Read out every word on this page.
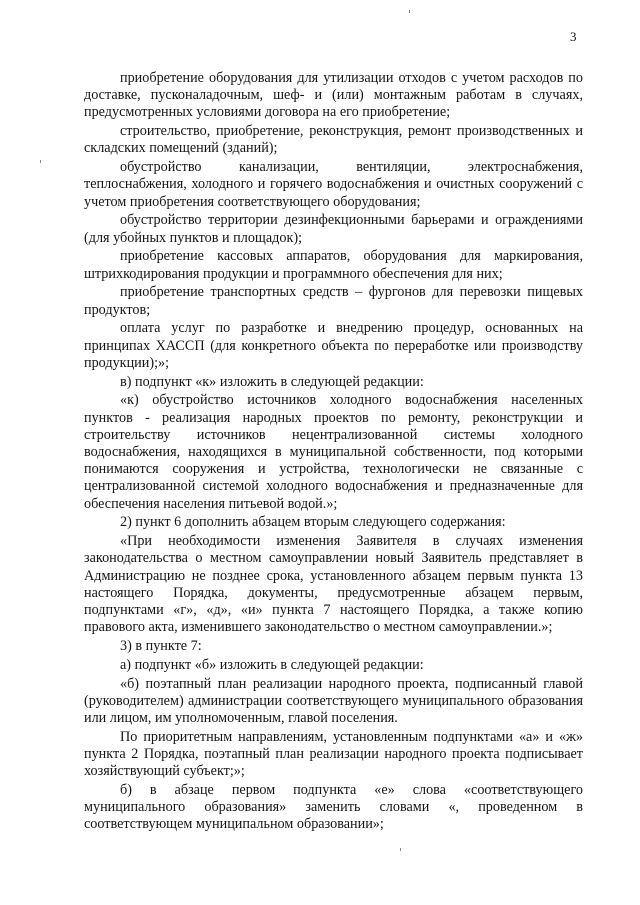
3

приобретение оборудования для утилизации отходов с учетом расходов по доставке, пусконаладочным, шеф- и (или) монтажным работам в случаях, предусмотренных условиями договора на его приобретение;

строительство, приобретение, реконструкция, ремонт производственных и складских помещений (зданий);

обустройство канализации, вентиляции, электроснабжения, теплоснабжения, холодного и горячего водоснабжения и очистных сооружений с учетом приобретения соответствующего оборудования;

обустройство территории дезинфекционными барьерами и ограждениями (для убойных пунктов и площадок);

приобретение кассовых аппаратов, оборудования для маркирования, штрихкодирования продукции и программного обеспечения для них;

приобретение транспортных средств – фургонов для перевозки пищевых продуктов;

оплата услуг по разработке и внедрению процедур, основанных на принципах ХАССП (для конкретного объекта по переработке или производству продукции);»;

в) подпункт «к» изложить в следующей редакции:

«к) обустройство источников холодного водоснабжения населенных пунктов - реализация народных проектов по ремонту, реконструкции и строительству источников нецентрализованной системы холодного водоснабжения, находящихся в муниципальной собственности, под которыми понимаются сооружения и устройства, технологически не связанные с централизованной системой холодного водоснабжения и предназначенные для обеспечения населения питьевой водой.»;

2) пункт 6 дополнить абзацем вторым следующего содержания:

«При необходимости изменения Заявителя в случаях изменения законодательства о местном самоуправлении новый Заявитель представляет в Администрацию не позднее срока, установленного абзацем первым пункта 13 настоящего Порядка, документы, предусмотренные абзацем первым, подпунктами «г», «д», «и» пункта 7 настоящего Порядка, а также копию правового акта, изменившего законодательство о местном самоуправлении.»;

3) в пункте 7:

а) подпункт «б» изложить в следующей редакции:

«б) поэтапный план реализации народного проекта, подписанный главой (руководителем) администрации соответствующего муниципального образования или лицом, им уполномоченным, главой поселения.

По приоритетным направлениям, установленным подпунктами «а» и «ж» пункта 2 Порядка, поэтапный план реализации народного проекта подписывает хозяйствующий субъект;»;

б) в абзаце первом подпункта «е» слова «соответствующего муниципального образования» заменить словами «, проведенном в соответствующем муниципальном образовании»;
